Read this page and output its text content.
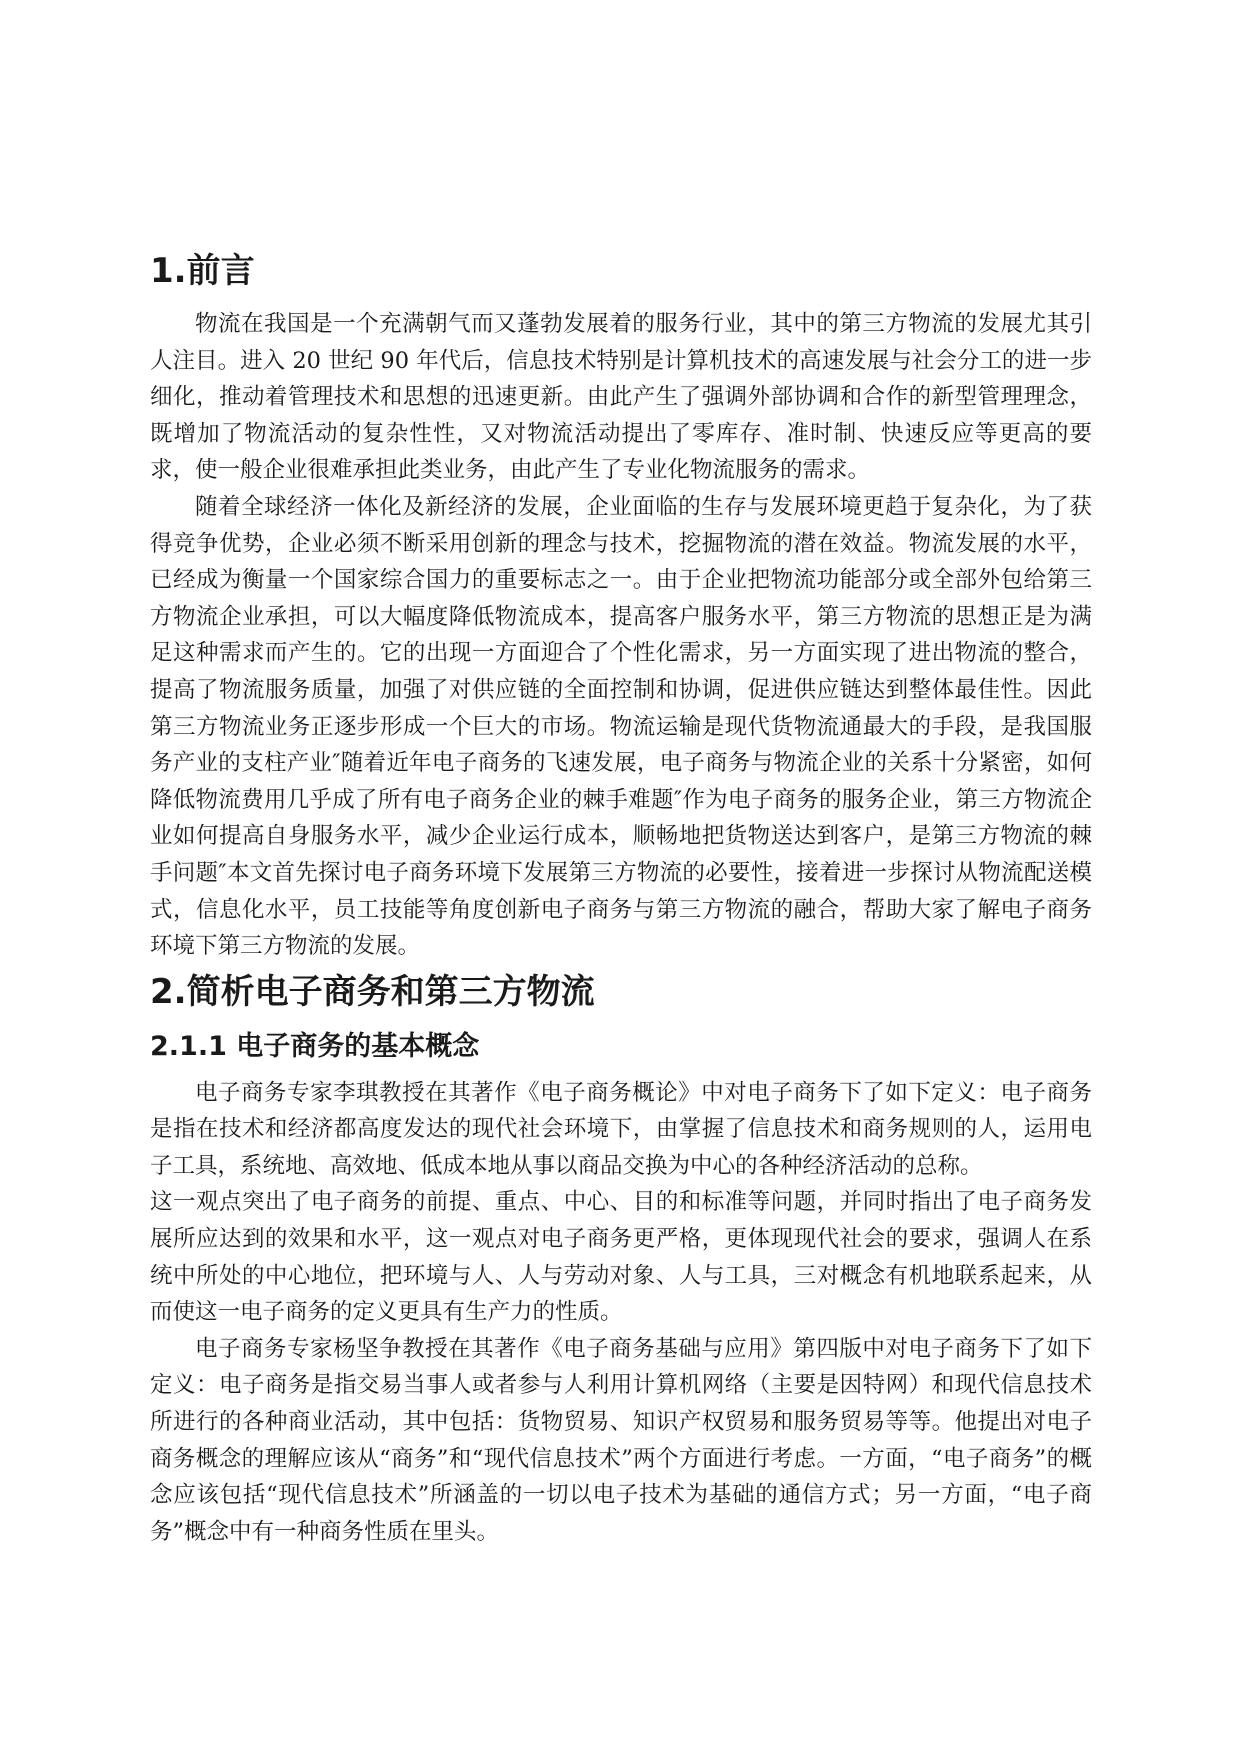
1.前言

物流在我国是一个充满朝气而又蓬勃发展着的服务行业，其中的第三方物流的发展尤其引人注目。进入 20 世纪 90 年代后，信息技术特别是计算机技术的高速发展与社会分工的进一步细化，推动着管理技术和思想的迅速更新。由此产生了强调外部协调和合作的新型管理理念，既增加了物流活动的复杂性性，又对物流活动提出了零库存、准时制、快速反应等更高的要求，使一般企业很难承担此类业务，由此产生了专业化物流服务的需求。

随着全球经济一体化及新经济的发展，企业面临的生存与发展环境更趋于复杂化，为了获得竞争优势，企业必须不断采用创新的理念与技术，挖掘物流的潜在效益。物流发展的水平，已经成为衡量一个国家综合国力的重要标志之一。由于企业把物流功能部分或全部外包给第三方物流企业承担，可以大幅度降低物流成本，提高客户服务水平，第三方物流的思想正是为满足这种需求而产生的。它的出现一方面迎合了个性化需求，另一方面实现了进出物流的整合，提高了物流服务质量，加强了对供应链的全面控制和协调，促进供应链达到整体最佳性。因此第三方物流业务正逐步形成一个巨大的市场。物流运输是现代货物流通最大的手段，是我国服务产业的支柱产业″随着近年电子商务的飞速发展，电子商务与物流企业的关系十分紧密，如何降低物流费用几乎成了所有电子商务企业的棘手难题″作为电子商务的服务企业，第三方物流企业如何提高自身服务水平，减少企业运行成本，顺畅地把货物送达到客户，是第三方物流的棘手问题″本文首先探讨电子商务环境下发展第三方物流的必要性，接着进一步探讨从物流配送模式，信息化水平，员工技能等角度创新电子商务与第三方物流的融合，帮助大家了解电子商务环境下第三方物流的发展。

2.简析电子商务和第三方物流
2.1.1 电子商务的基本概念

电子商务专家李琪教授在其著作《电子商务概论》中对电子商务下了如下定义：电子商务是指在技术和经济都高度发达的现代社会环境下，由掌握了信息技术和商务规则的人，运用电子工具，系统地、高效地、低成本地从事以商品交换为中心的各种经济活动的总称。

这一观点突出了电子商务的前提、重点、中心、目的和标准等问题，并同时指出了电子商务发展所应达到的效果和水平，这一观点对电子商务更严格，更体现现代社会的要求，强调人在系统中所处的中心地位，把环境与人、人与劳动对象、人与工具，三对概念有机地联系起来，从而使这一电子商务的定义更具有生产力的性质。

电子商务专家杨坚争教授在其著作《电子商务基础与应用》第四版中对电子商务下了如下定义：电子商务是指交易当事人或者参与人利用计算机网络（主要是因特网）和现代信息技术所进行的各种商业活动，其中包括：货物贸易、知识产权贸易和服务贸易等等。他提出对电子商务概念的理解应该从“商务”和“现代信息技术”两个方面进行考虑。一方面，“电子商务”的概念应该包括“现代信息技术”所涵盖的一切以电子技术为基础的通信方式；另一方面，“电子商务”概念中有一种商务性质在里头。
